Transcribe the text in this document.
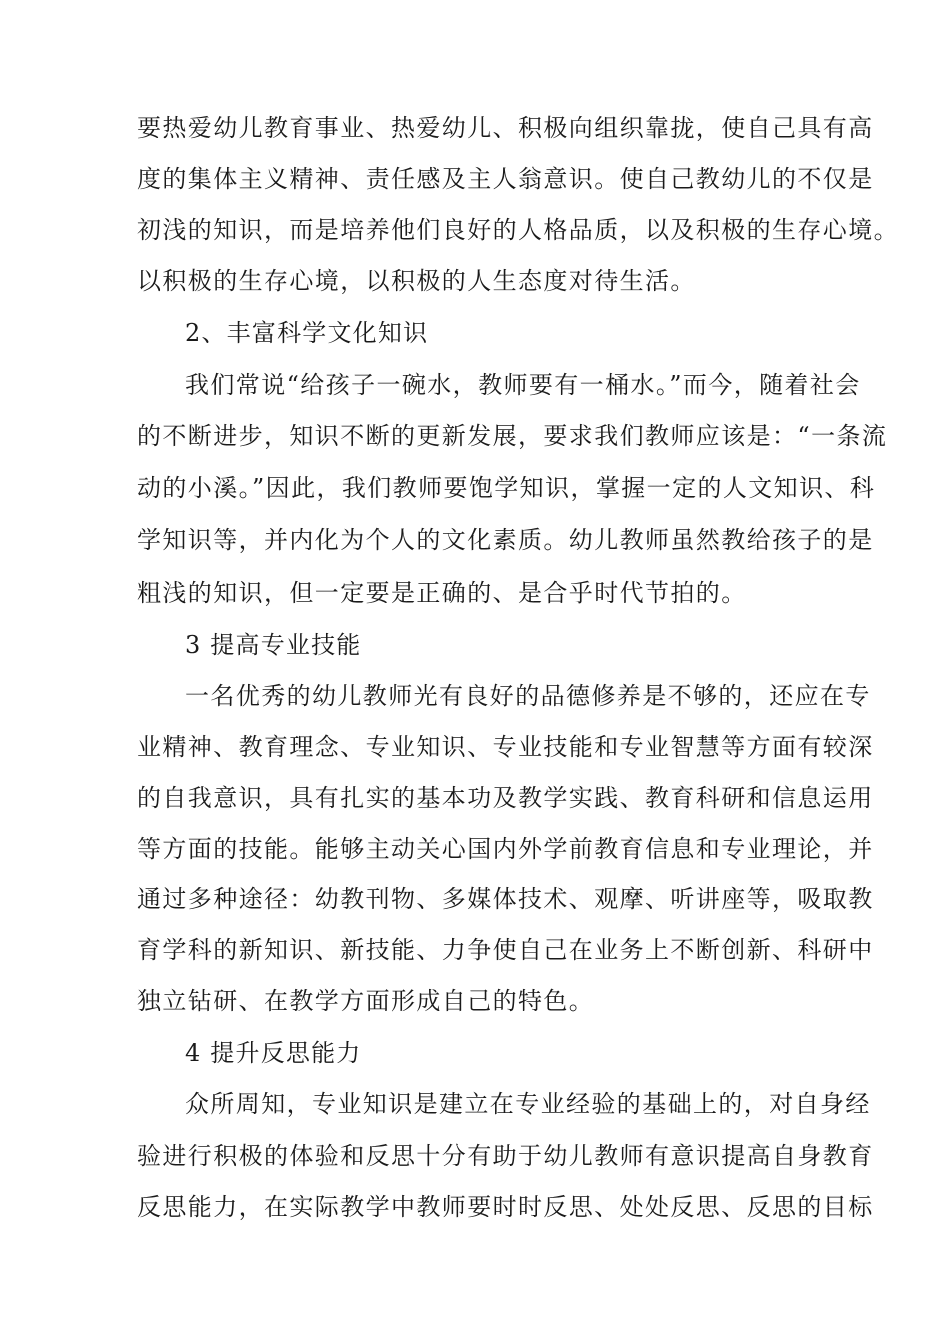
要热爱幼儿教育事业、热爱幼儿、积极向组织靠拢，使自己具有高
度的集体主义精神、责任感及主人翁意识。使自己教幼儿的不仅是
初浅的知识，而是培养他们良好的人格品质，以及积极的生存心境。
以积极的生存心境，以积极的人生态度对待生活。
2、丰富科学文化知识
我们常说“给孩子一碗水，教师要有一桶水。”而今，随着社会
的不断进步，知识不断的更新发展，要求我们教师应该是：“一条流
动的小溪。”因此，我们教师要饱学知识，掌握一定的人文知识、科
学知识等，并内化为个人的文化素质。幼儿教师虽然教给孩子的是
粗浅的知识，但一定要是正确的、是合乎时代节拍的。
3 提高专业技能
一名优秀的幼儿教师光有良好的品德修养是不够的，还应在专
业精神、教育理念、专业知识、专业技能和专业智慧等方面有较深
的自我意识，具有扎实的基本功及教学实践、教育科研和信息运用
等方面的技能。能够主动关心国内外学前教育信息和专业理论，并
通过多种途径：幼教刊物、多媒体技术、观摩、听讲座等，吸取教
育学科的新知识、新技能、力争使自己在业务上不断创新、科研中
独立钻研、在教学方面形成自己的特色。
4 提升反思能力
众所周知，专业知识是建立在专业经验的基础上的，对自身经
验进行积极的体验和反思十分有助于幼儿教师有意识提高自身教育
反思能力，在实际教学中教师要时时反思、处处反思、反思的目标
